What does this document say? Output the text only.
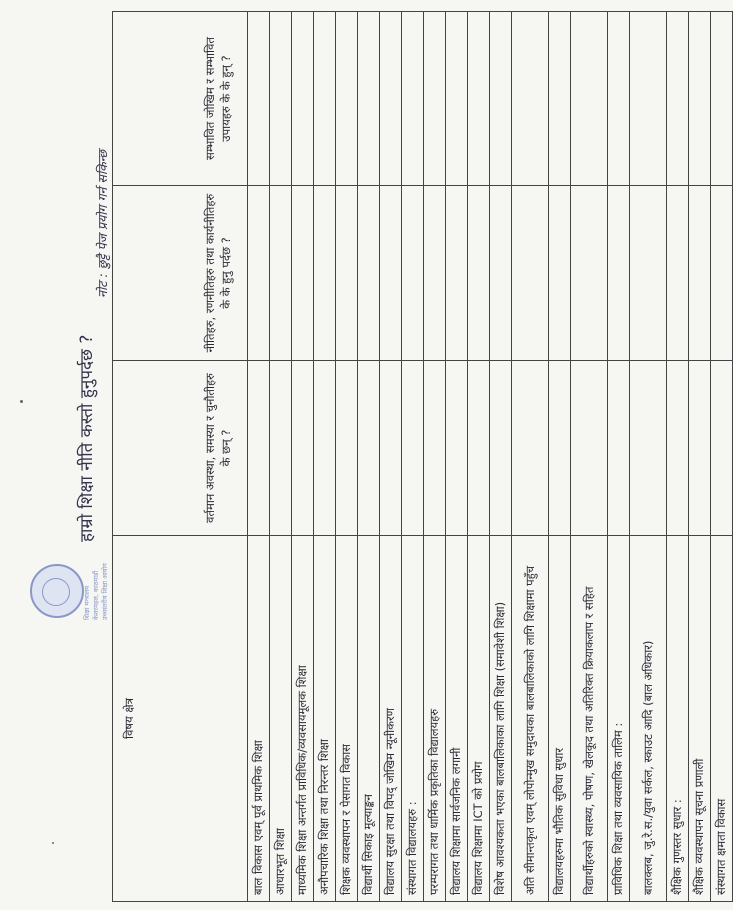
शिक्षा मन्त्रालय केशरमहल, काठमाडौं उच्चस्तरीय शिक्षा आयोग
हाम्रो शिक्षा नीति कस्तो हुनुपर्दछ ?
नोट : छुट्टै पेज प्रयोग गर्न सकिन्छ
विषय क्षेत्र	वर्तमान अवस्था, समस्या र चुनौतीहरु के छन् ?	नीतिहरु, रणनीतिहरु तथा कार्यनीतिहरु के के हुनु पर्दछ ?	सम्भावित जोखिम र सम्भावित उपायहरु के के हुन् ?
बाल विकास एवम् पूर्व प्राथमिक शिक्षा			
आधारभूत शिक्षा			
माध्यमिक शिक्षा अन्तर्गत प्राविधिक/व्यवसायमूलक शिक्षा			
अनौपचारिक शिक्षा तथा निरन्तर शिक्षा			
शिक्षक व्यवस्थापन र पेसागत विकास			
विद्यार्थी सिकाइ मूल्याङ्कन			
विद्यालय सुरक्षा तथा विपद् जोखिम न्यूनीकरण			
संस्थागत विद्यालयहरु :			
परम्परागत तथा धार्मिक प्रकृतिका विद्यालयहरु			
विद्यालय शिक्षामा सार्वजनिक लगानी			
विद्यालय शिक्षामा ICT को प्रयोग			
विशेष आवश्यकता भएका बालबालिकाका लागि शिक्षा (समावेशी शिक्षा)			
अति सीमान्तकृत एवम् लोपोन्मुख समुदायका बालबालिकाको लागि शिक्षामा पहुँच			
विद्यालयहरुमा भौतिक सुविधा सुधार			
विद्यार्थीहरुको स्वास्थ्य, पोषण, खेलकूद तथा अतिरिक्त क्रियाकलाप र सहित			
प्राविधिक शिक्षा तथा व्यवसायिक तालिम :			
बालक्लब, जु.रे.स./युवा सर्कल, स्काउट आदि (बाल अधिकार)			
शैक्षिक गुणस्तर सुधार :			
शैक्षिक व्यवस्थापन सूचना प्रणाली			
संस्थागत क्षमता विकास			
